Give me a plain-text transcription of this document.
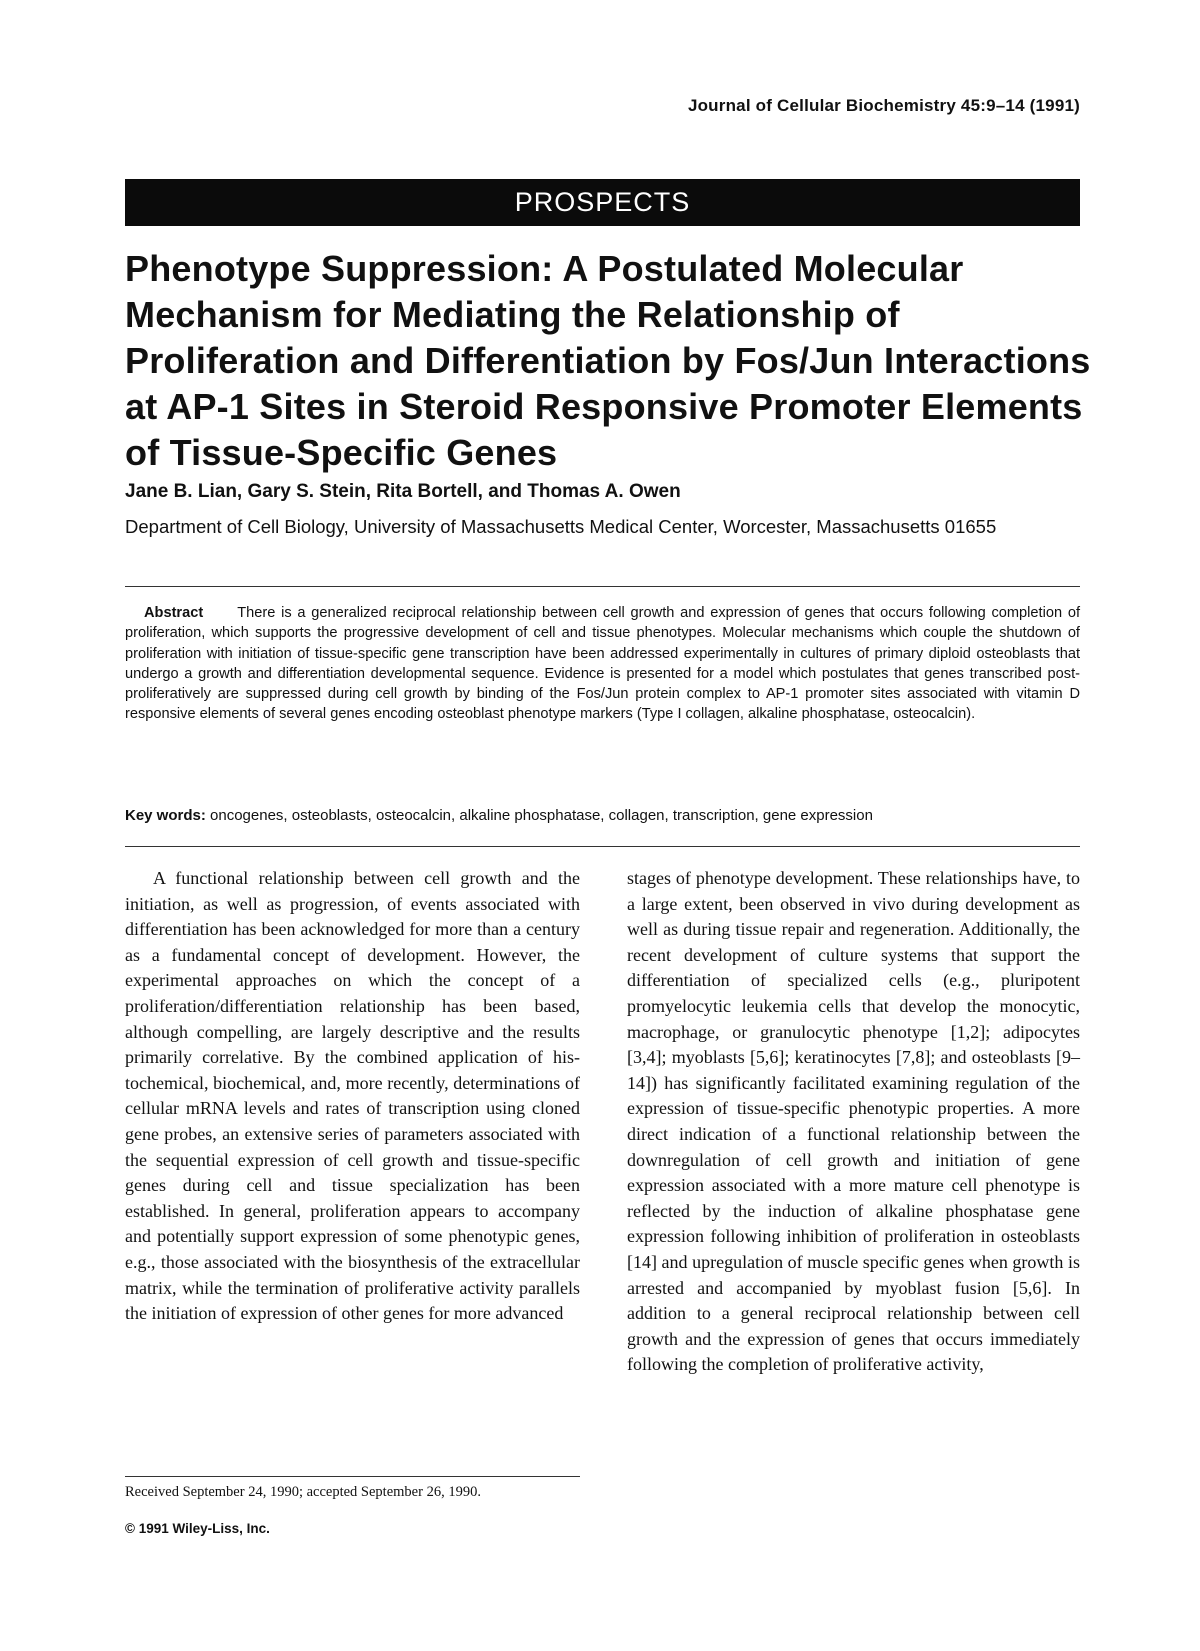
Journal of Cellular Biochemistry 45:9–14 (1991)
PROSPECTS
Phenotype Suppression: A Postulated Molecular Mechanism for Mediating the Relationship of Proliferation and Differentiation by Fos/Jun Interactions at AP-1 Sites in Steroid Responsive Promoter Elements of Tissue-Specific Genes
Jane B. Lian, Gary S. Stein, Rita Bortell, and Thomas A. Owen
Department of Cell Biology, University of Massachusetts Medical Center, Worcester, Massachusetts 01655
Abstract There is a generalized reciprocal relationship between cell growth and expression of genes that occurs following completion of proliferation, which supports the progressive development of cell and tissue phenotypes. Molecular mechanisms which couple the shutdown of proliferation with initiation of tissue-specific gene transcription have been addressed experimentally in cultures of primary diploid osteoblasts that undergo a growth and differentiation developmental sequence. Evidence is presented for a model which postulates that genes transcribed post-proliferatively are suppressed during cell growth by binding of the Fos/Jun protein complex to AP-1 promoter sites associated with vitamin D responsive elements of several genes encoding osteoblast phenotype markers (Type I collagen, alkaline phosphatase, osteocalcin).
Key words: oncogenes, osteoblasts, osteocalcin, alkaline phosphatase, collagen, transcription, gene expression
A functional relationship between cell growth and the initiation, as well as progression, of events associated with differentiation has been acknowledged for more than a century as a fundamental concept of development. However, the experimental approaches on which the concept of a proliferation/differentiation relationship has been based, although compelling, are largely descriptive and the results primarily correlative. By the combined application of histochemical, biochemical, and, more recently, determinations of cellular mRNA levels and rates of transcription using cloned gene probes, an extensive series of parameters associated with the sequential expression of cell growth and tissue-specific genes during cell and tissue specialization has been established. In general, proliferation appears to accompany and potentially support expression of some phenotypic genes, e.g., those associated with the biosynthesis of the extracellular matrix, while the termination of proliferative activity parallels the initiation of expression of other genes for more advanced
stages of phenotype development. These relationships have, to a large extent, been observed in vivo during development as well as during tissue repair and regeneration. Additionally, the recent development of culture systems that support the differentiation of specialized cells (e.g., pluripotent promyelocytic leukemia cells that develop the monocytic, macrophage, or granulocytic phenotype [1,2]; adipocytes [3,4]; myoblasts [5,6]; keratinocytes [7,8]; and osteoblasts [9–14]) has significantly facilitated examining regulation of the expression of tissue-specific phenotypic properties. A more direct indication of a functional relationship between the downregulation of cell growth and initiation of gene expression associated with a more mature cell phenotype is reflected by the induction of alkaline phosphatase gene expression following inhibition of proliferation in osteoblasts [14] and upregulation of muscle specific genes when growth is arrested and accompanied by myoblast fusion [5,6]. In addition to a general reciprocal relationship between cell growth and the expression of genes that occurs immediately following the completion of proliferative activity,
Received September 24, 1990; accepted September 26, 1990.
© 1991 Wiley-Liss, Inc.
